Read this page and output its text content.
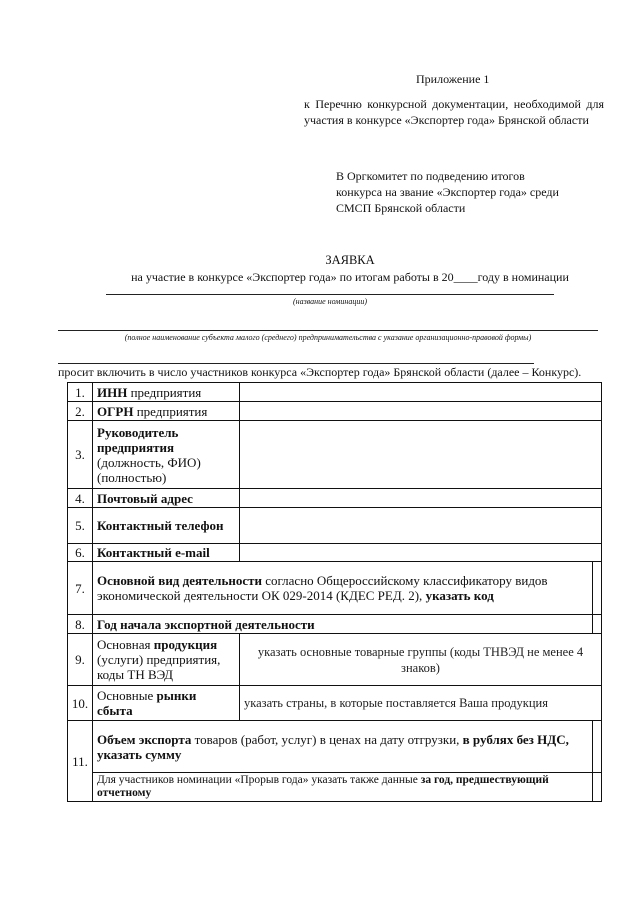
Приложение 1
к Перечню конкурсной документации, необходимой для участия в конкурсе «Экспортер года» Брянской области
В Оргкомитет по подведению итогов
конкурса на звание «Экспортер года» среди
СМСП Брянской области
ЗАЯВКА
на участие в конкурсе «Экспортер года» по итогам работы в 20____году в номинации
(название номинации)
(полное наименование субъекта малого (среднего) предпринимательства с указание организационно-правовой формы)
просит включить в число участников конкурса «Экспортер года» Брянской области (далее – Конкурс).
1.	ИНН предприятия		
2.	ОГРН предприятия		
3.	Руководитель предприятия
(должность, ФИО) (полностью)		
4.	Почтовый адрес		
5.	Контактный телефон		
6.	Контактный e-mail		
7.	Основной вид деятельности согласно Общероссийскому классификатору видов экономической деятельности ОК 029-2014 (КДЕС РЕД. 2), указать код		
8.	Год начала экспортной деятельности		
9.	Основная продукция (услуги) предприятия, коды ТН ВЭД	указать основные товарные группы (коды ТНВЭД не менее 4 знаков)	
10.	Основные рынки сбыта	указать страны, в которые поставляется Ваша продукция	
11.	Объем экспорта товаров (работ, услуг) в ценах на дату отгрузки, в рублях без НДС, указать сумму		
	Для участников номинации «Прорыв года» указать также данные за год, предшествующий отчетному		
